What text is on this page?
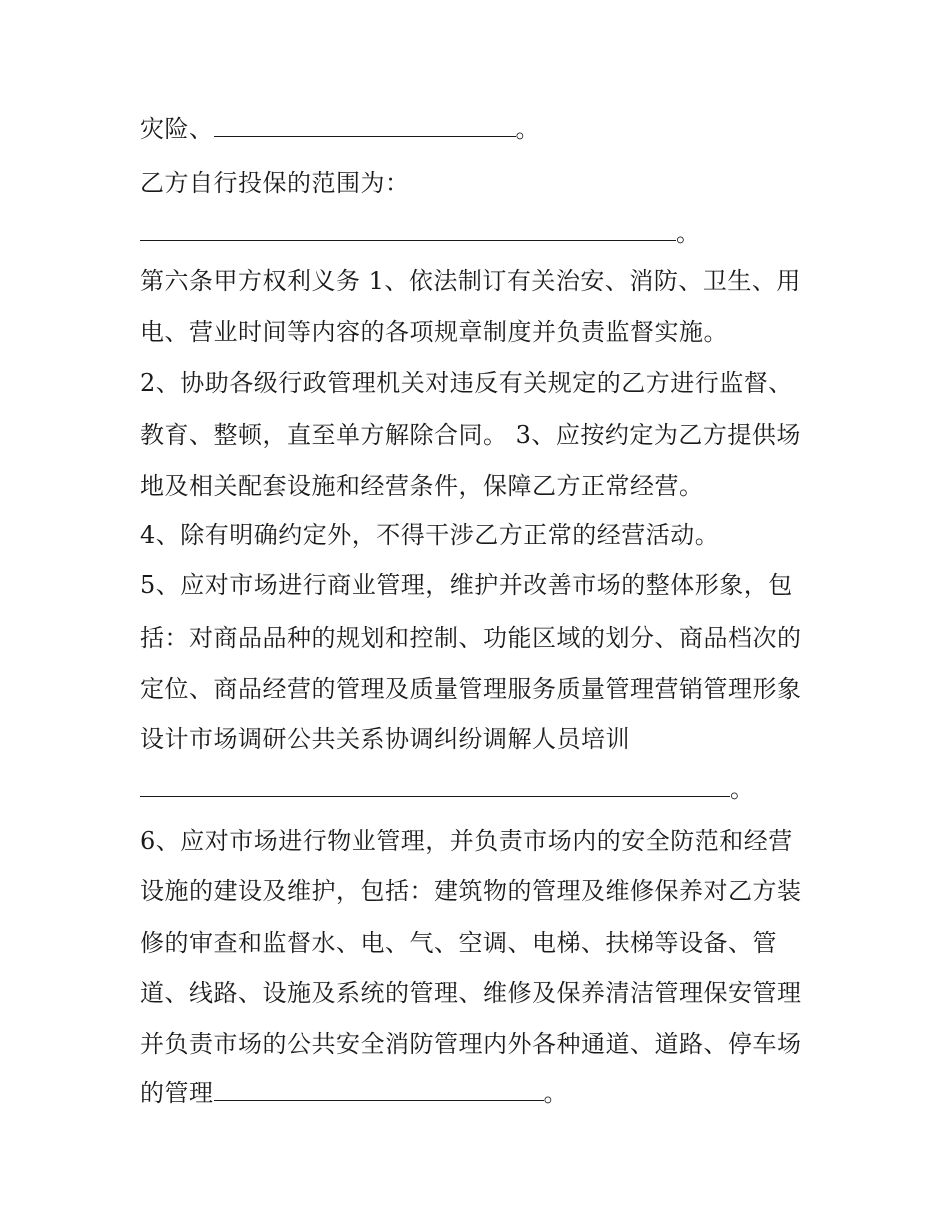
灾险、	。
乙方自行投保的范围为：
。
第六条甲方权利义务 1、依法制订有关治安、消防、卫生、用
电、营业时间等内容的各项规章制度并负责监督实施。
2、协助各级行政管理机关对违反有关规定的乙方进行监督、
教育、整顿，直至单方解除合同。 3、应按约定为乙方提供场
地及相关配套设施和经营条件，保障乙方正常经营。
4、除有明确约定外，不得干涉乙方正常的经营活动。
5、应对市场进行商业管理，维护并改善市场的整体形象，包
括：对商品品种的规划和控制、功能区域的划分、商品档次的
定位、商品经营的管理及质量管理服务质量管理营销管理形象
设计市场调研公共关系协调纠纷调解人员培训
。
6、应对市场进行物业管理，并负责市场内的安全防范和经营
设施的建设及维护，包括：建筑物的管理及维修保养对乙方装
修的审查和监督水、电、气、空调、电梯、扶梯等设备、管
道、线路、设施及系统的管理、维修及保养清洁管理保安管理
并负责市场的公共安全消防管理内外各种通道、道路、停车场
的管理	。
